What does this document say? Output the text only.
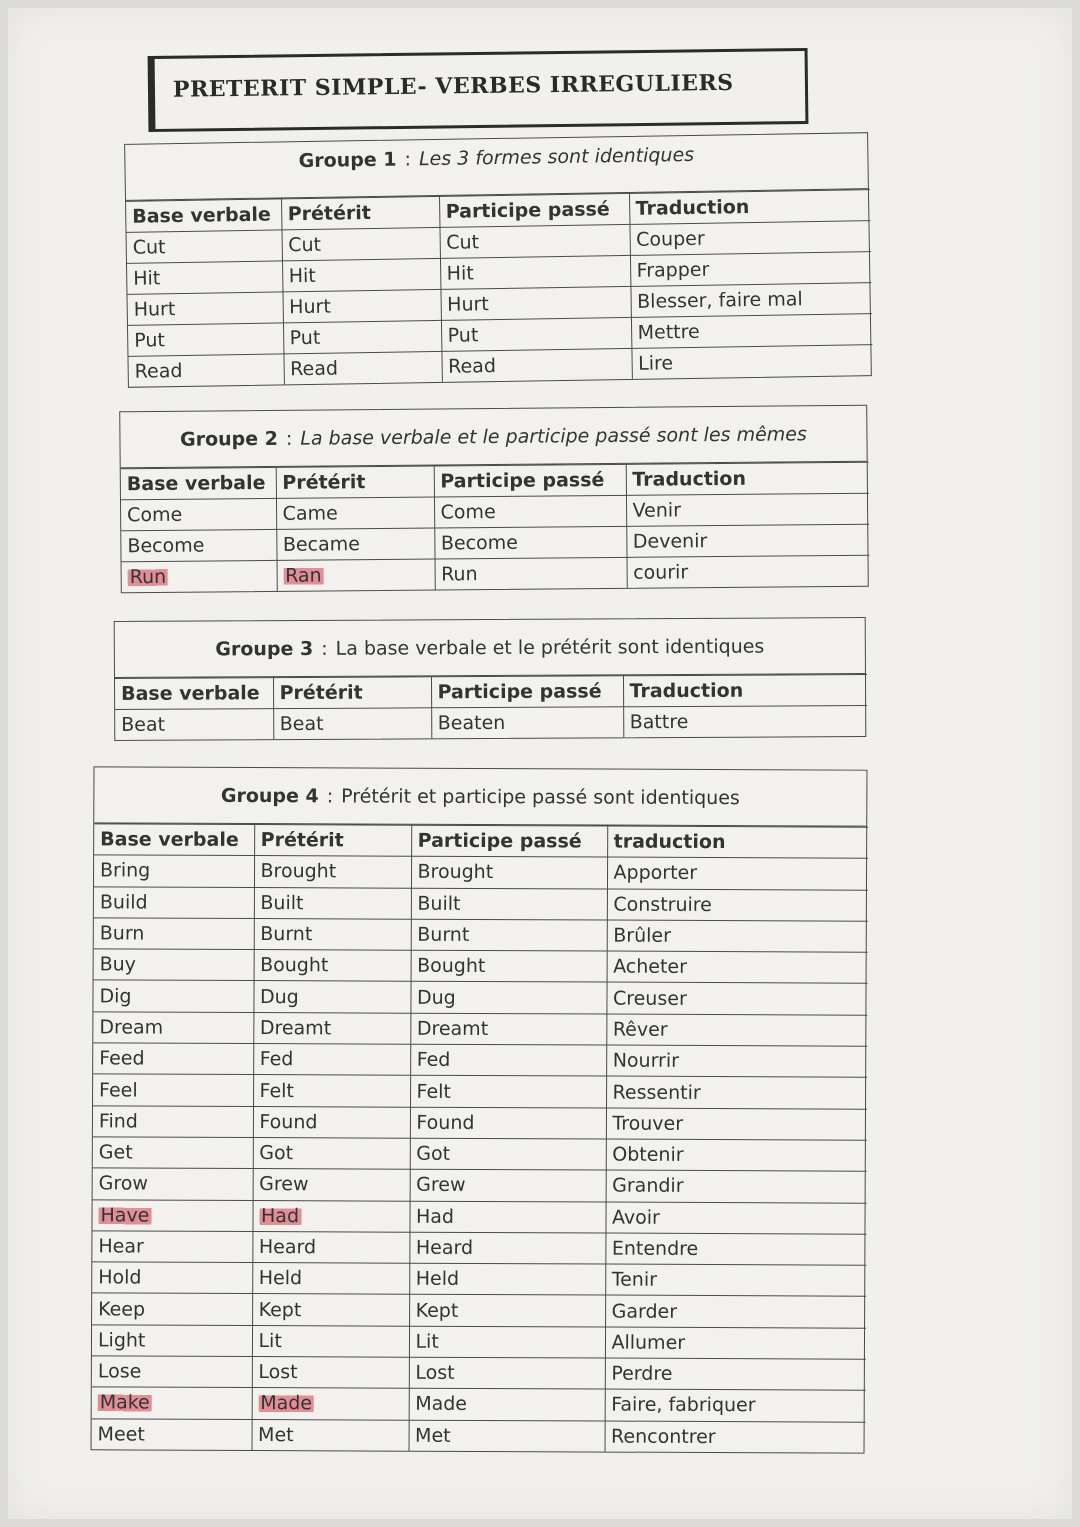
PRETERIT SIMPLE- VERBES IRREGULIERS
Groupe 1 : Les 3 formes sont identiques
Base verbale	Prétérit	Participe passé	Traduction
Cut	Cut	Cut	Couper
Hit	Hit	Hit	Frapper
Hurt	Hurt	Hurt	Blesser, faire mal
Put	Put	Put	Mettre
Read	Read	Read	Lire
Groupe 2 : La base verbale et le participe passé sont les mêmes
Base verbale	Prétérit	Participe passé	Traduction
Come	Came	Come	Venir
Become	Became	Become	Devenir
Run	Ran	Run	courir
Groupe 3 : La base verbale et le prétérit sont identiques
Base verbale	Prétérit	Participe passé	Traduction
Beat	Beat	Beaten	Battre
Groupe 4 : Prétérit et participe passé sont identiques
Base verbale	Prétérit	Participe passé	traduction
Bring	Brought	Brought	Apporter
Build	Built	Built	Construire
Burn	Burnt	Burnt	Brûler
Buy	Bought	Bought	Acheter
Dig	Dug	Dug	Creuser
Dream	Dreamt	Dreamt	Rêver
Feed	Fed	Fed	Nourrir
Feel	Felt	Felt	Ressentir
Find	Found	Found	Trouver
Get	Got	Got	Obtenir
Grow	Grew	Grew	Grandir
Have	Had	Had	Avoir
Hear	Heard	Heard	Entendre
Hold	Held	Held	Tenir
Keep	Kept	Kept	Garder
Light	Lit	Lit	Allumer
Lose	Lost	Lost	Perdre
Make	Made	Made	Faire, fabriquer
Meet	Met	Met	Rencontrer
